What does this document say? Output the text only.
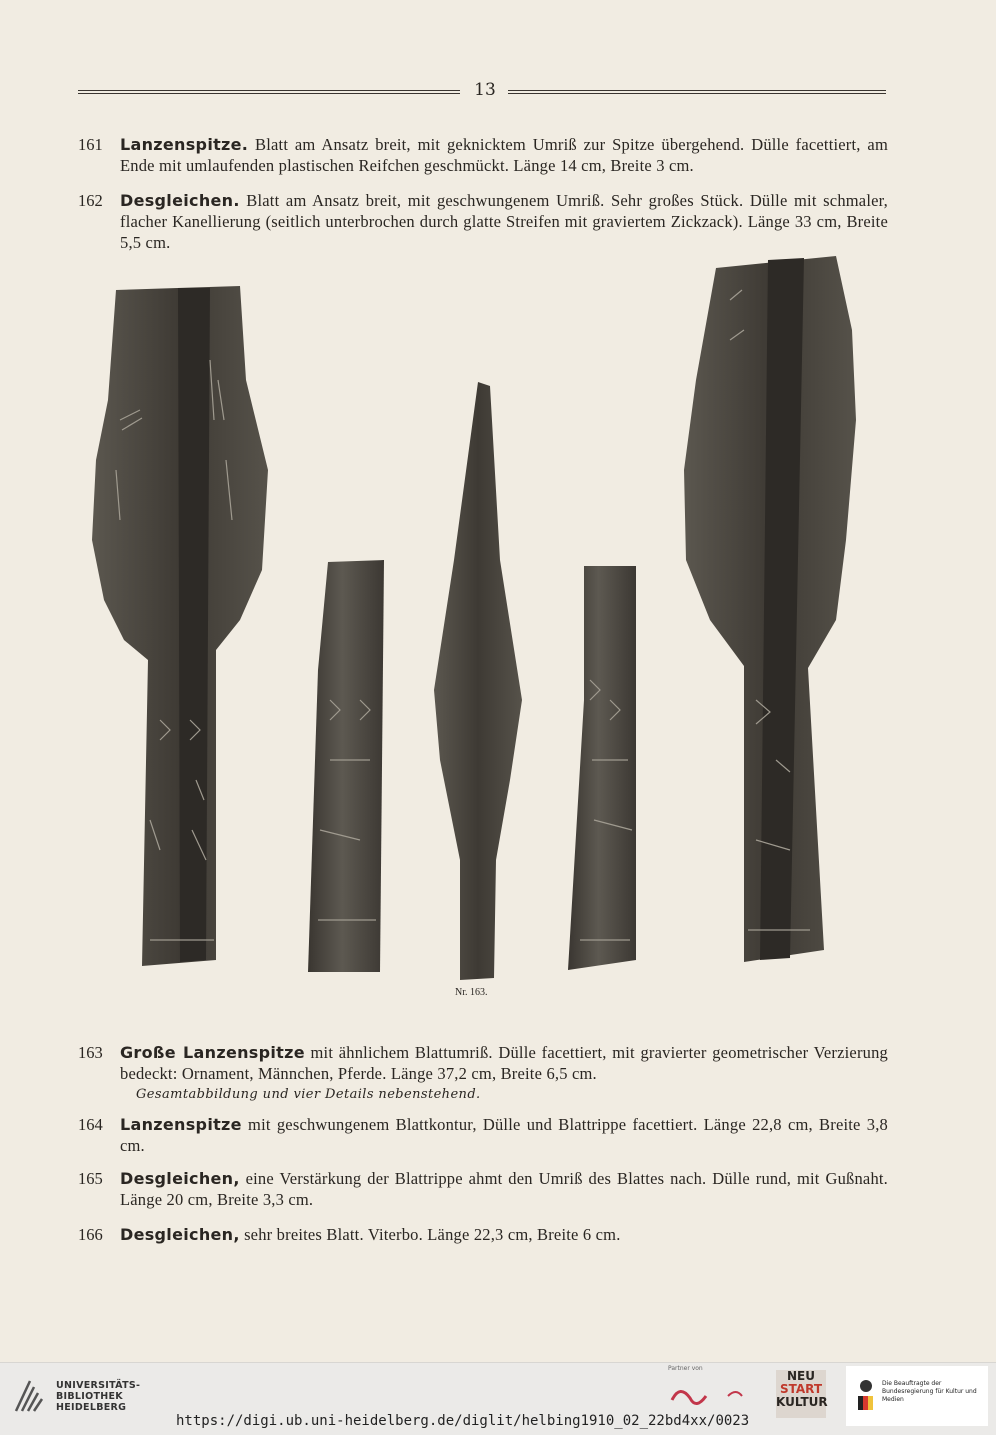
13
161	Lanzenspitze. Blatt am Ansatz breit, mit geknicktem Umriß zur Spitze übergehend. Dülle facettiert, am Ende mit umlaufenden plastischen Reifchen geschmückt. Länge 14 cm, Breite 3 cm.
162	Desgleichen. Blatt am Ansatz breit, mit geschwungenem Umriß. Sehr großes Stück. Dülle mit schmaler, flacher Kanellierung (seitlich unterbrochen durch glatte Streifen mit graviertem Zickzack). Länge 33 cm, Breite 5,5 cm.
Nr. 163.
163	Große Lanzenspitze mit ähnlichem Blattumriß. Dülle facettiert, mit gravierter geometrischer Verzierung bedeckt: Ornament, Männchen, Pferde. Länge 37,2 cm, Breite 6,5 cm.
Gesamtabbildung und vier Details nebenstehend.
164	Lanzenspitze mit geschwungenem Blattkontur, Dülle und Blattrippe facettiert. Länge 22,8 cm, Breite 3,8 cm.
165	Desgleichen, eine Verstärkung der Blattrippe ahmt den Umriß des Blattes nach. Dülle rund, mit Gußnaht. Länge 20 cm, Breite 3,3 cm.
166	Desgleichen, sehr breites Blatt. Viterbo. Länge 22,3 cm, Breite 6 cm.
UNIVERSITÄTS-
BIBLIOTHEK
HEIDELBERG
https://digi.ub.uni-heidelberg.de/diglit/helbing1910_02_22bd4xx/0023
Partner von
NEU
START
KULTUR
Die Beauftragte der Bundesregierung für Kultur und Medien
